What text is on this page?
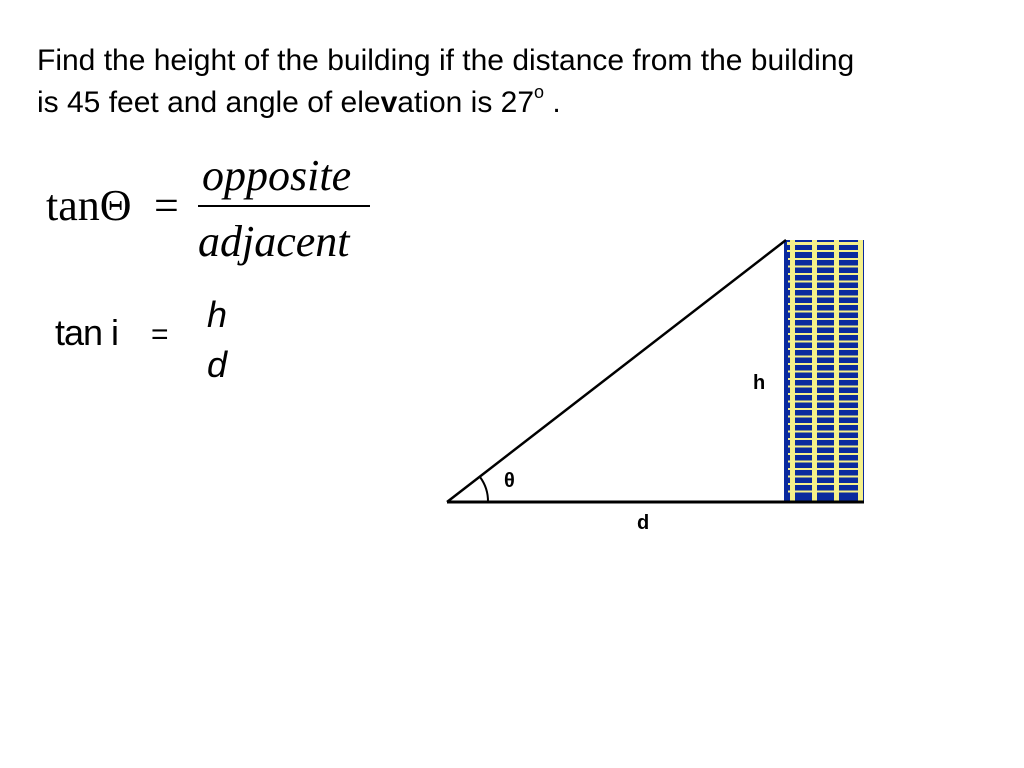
Find the height of the building if the distance from the building
is 45 feet and angle of elevation is 27$^o$ .
tanΘ =
opposite
adjacent
tan i = h
d
θ
h
d
